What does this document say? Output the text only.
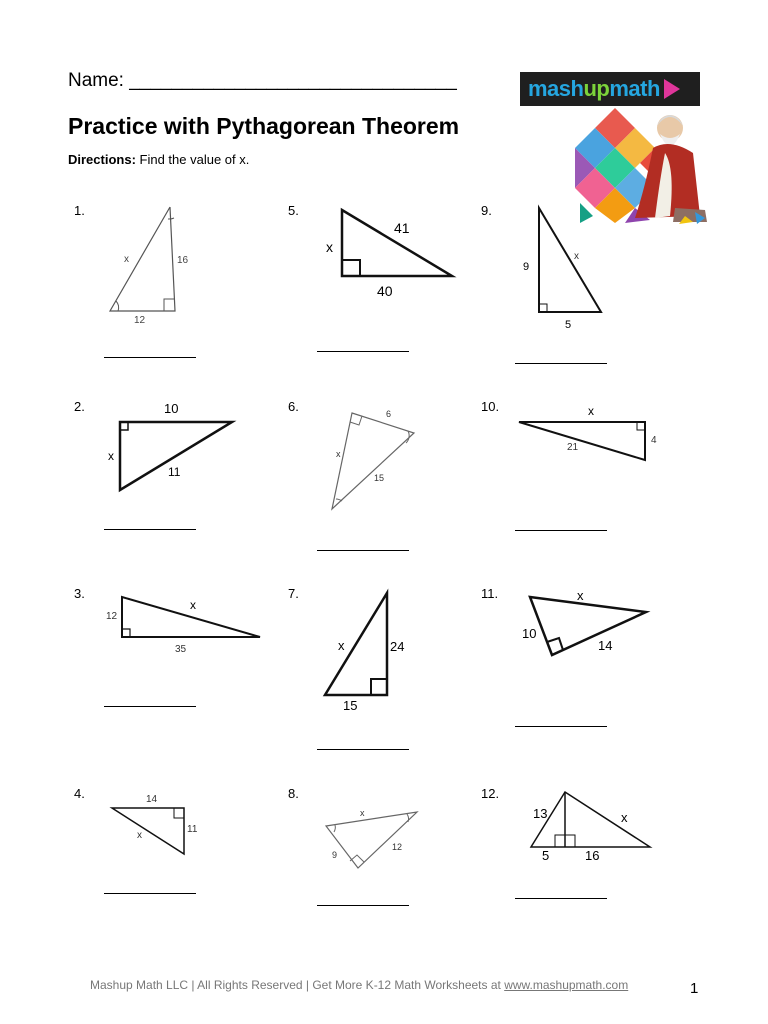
Name: _______________________________	mashupmath
Practice with Pythagorean Theorem
Directions: Find the value of x.
1.
x	16
12
2.	10
x
11
3.
12
x
35
4.	14
11
x
5.
41
x
40
6.	6
x
15
7.
x	24
15
8.
x
9
12
9.
x
9
5
10.	x
4
21
11.	x
10
14
12.
13	x
5	16
Mashup Math LLC | All Rights Reserved | Get More K-12 Math Worksheets at www.mashupmath.com	1
